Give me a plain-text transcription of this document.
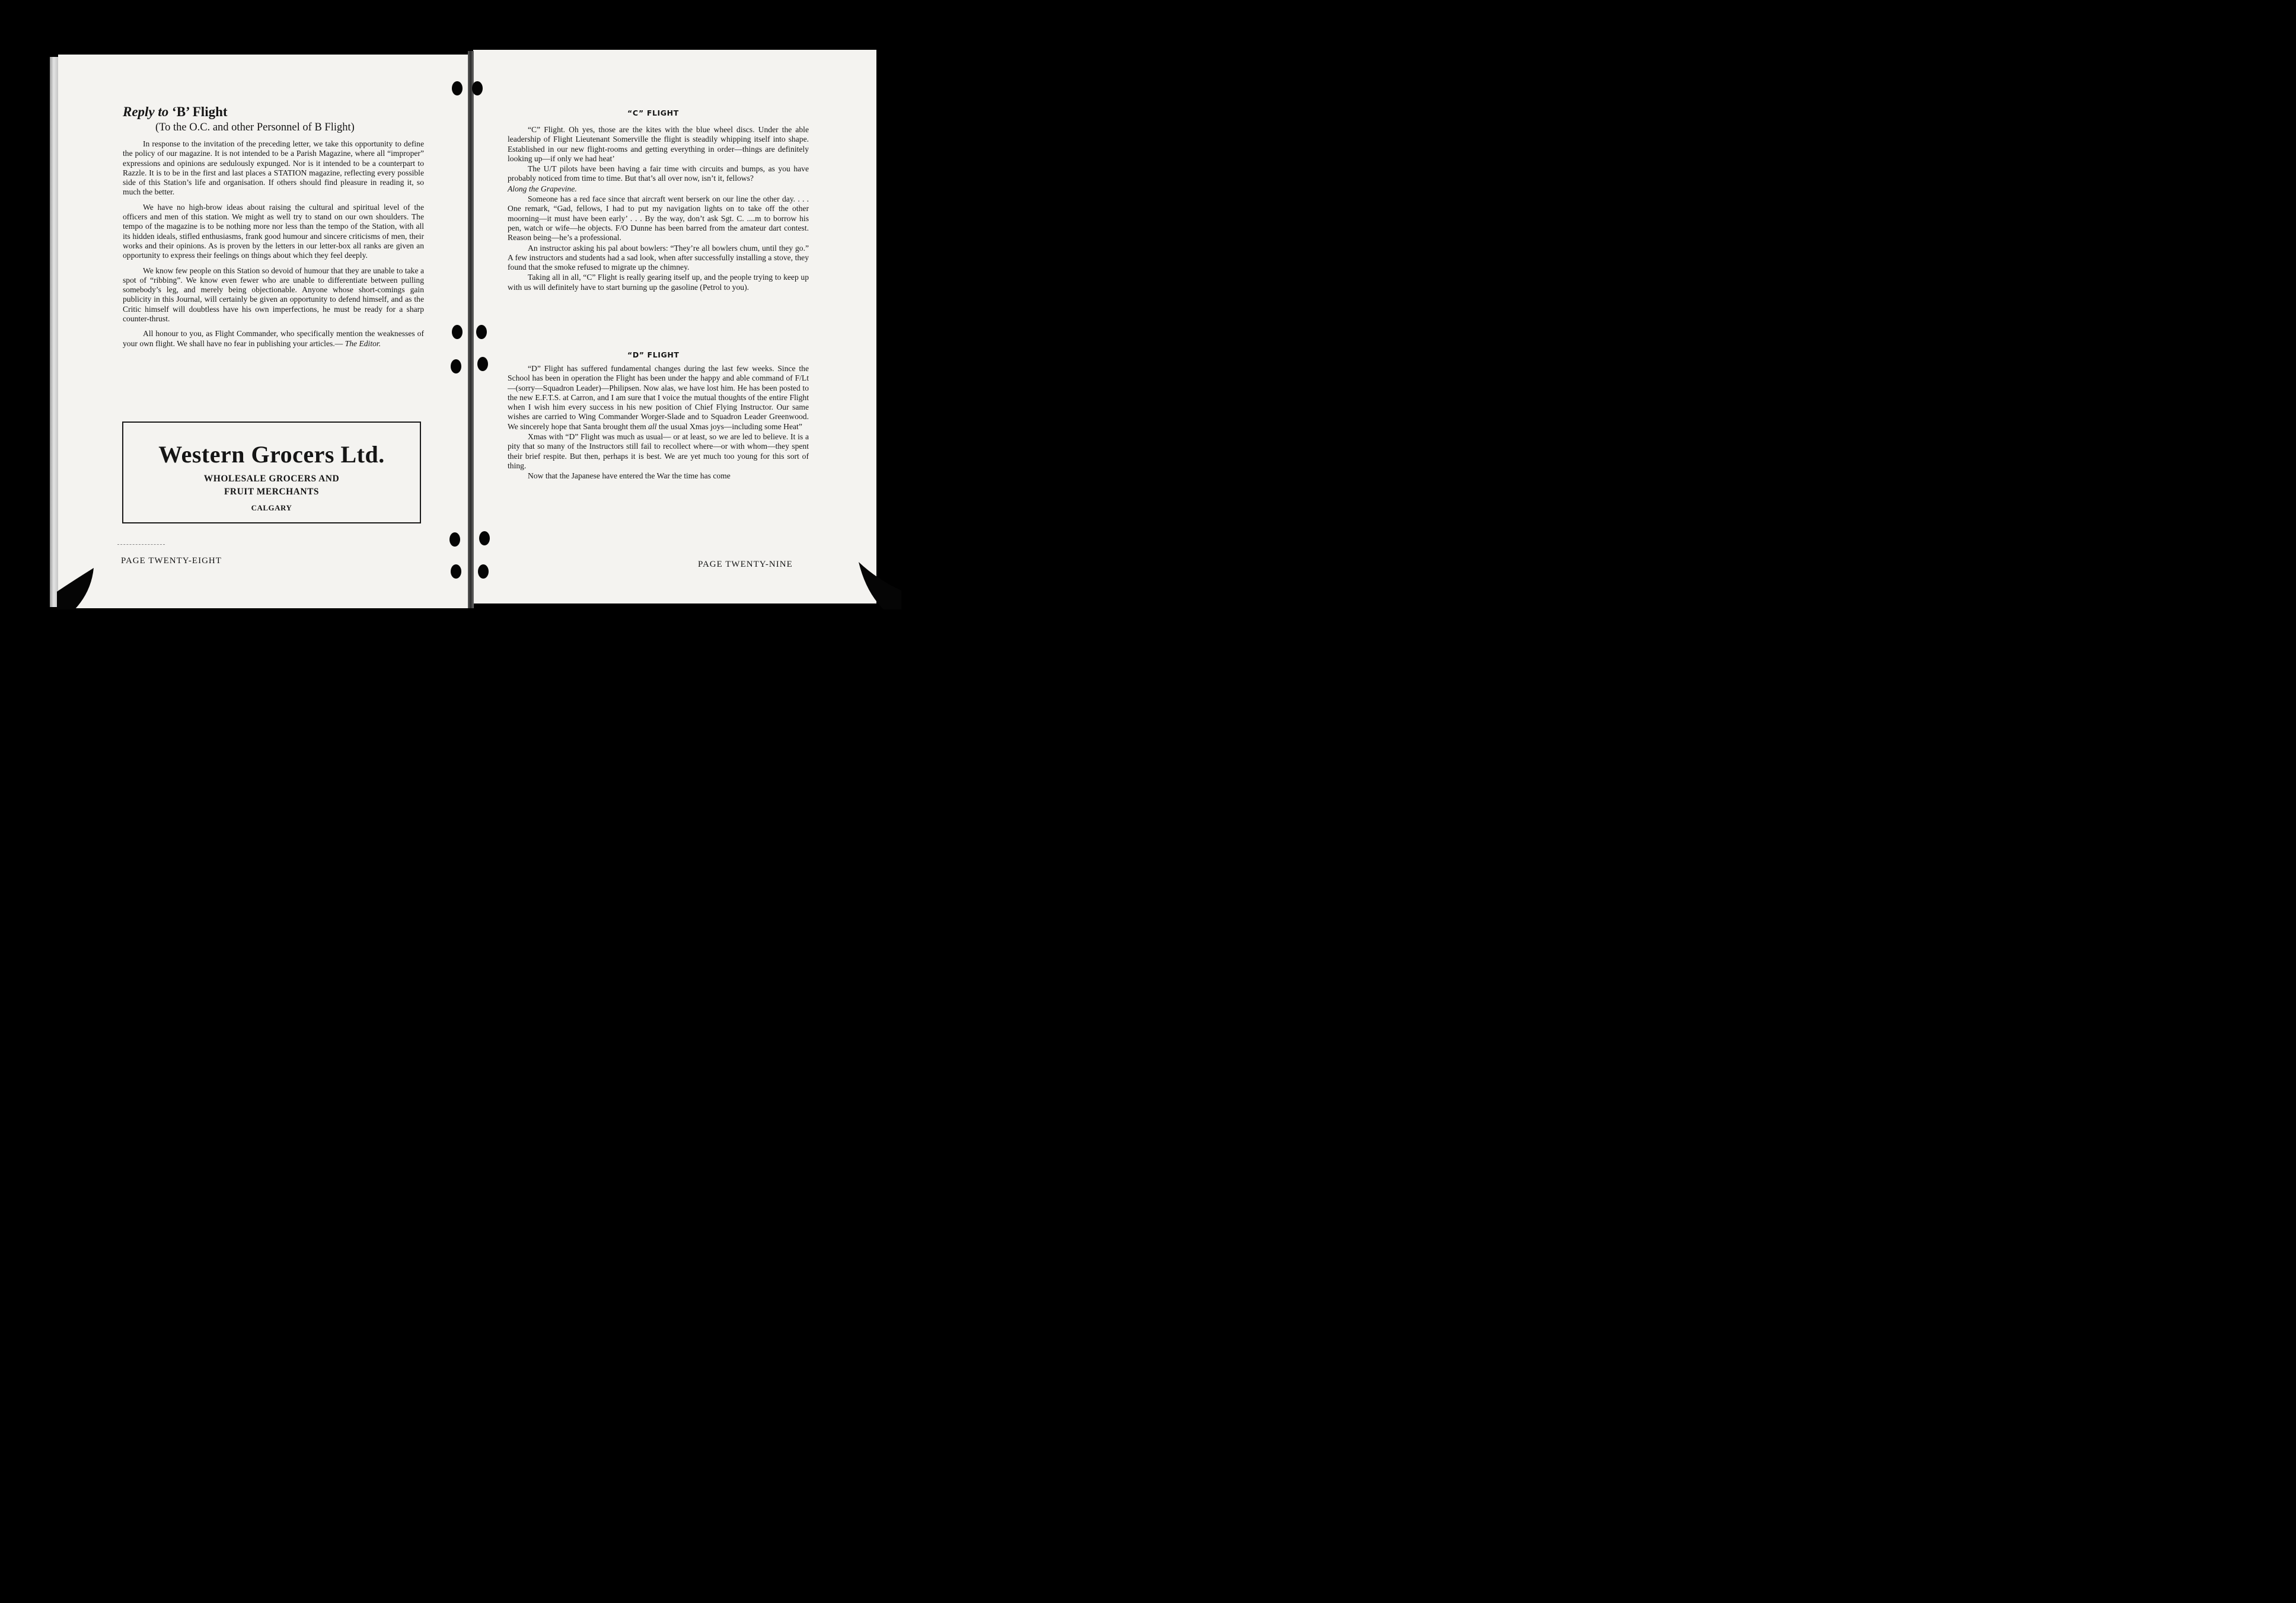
Reply to ‘B’ Flight
(To the O.C. and other Personnel of B Flight)

In response to the invitation of the preceding letter, we take this opportunity to define the policy of our magazine. It is not intended to be a Parish Magazine, where all “improper” expressions and opinions are sedulously expunged. Nor is it intended to be a counterpart to Razzle. It is to be in the first and last places a STATION magazine, reflecting every possible side of this Station’s life and organisation. If others should find pleasure in reading it, so much the better.

We have no high-brow ideas about raising the cultural and spiritual level of the officers and men of this station. We might as well try to stand on our own shoulders. The tempo of the magazine is to be nothing more nor less than the tempo of the Station, with all its hidden ideals, stifled enthusiasms, frank good humour and sincere criticisms of men, their works and their opinions. As is proven by the letters in our letter-box all ranks are given an opportunity to express their feelings on things about which they feel deeply.

We know few people on this Station so devoid of humour that they are unable to take a spot of “ribbing”. We know even fewer who are unable to differentiate between pulling somebody’s leg, and merely being objectionable. Anyone whose short-comings gain publicity in this Journal, will certainly be given an opportunity to defend himself, and as the Critic himself will doubtless have his own imperfections, he must be ready for a sharp counter-thrust.

All honour to you, as Flight Commander, who specifically mention the weaknesses of your own flight. We shall have no fear in publishing your articles.— The Editor.

Western Grocers Ltd.
WHOLESALE GROCERS AND
FRUIT MERCHANTS
CALGARY
PAGE TWENTY-EIGHT
“C” FLIGHT

“C” Flight. Oh yes, those are the kites with the blue wheel discs. Under the able leadership of Flight Lieutenant Somerville the flight is steadily whipping itself into shape. Established in our new flight-rooms and getting everything in order—things are definitely looking up—if only we had heat’

The U/T pilots have been having a fair time with circuits and bumps, as you have probably noticed from time to time. But that’s all over now, isn’t it, fellows?

Along the Grapevine.

Someone has a red face since that aircraft went berserk on our line the other day. . . . One remark, “Gad, fellows, I had to put my navigation lights on to take off the other moorning—it must have been early’ . . . By the way, don’t ask Sgt. C. ....m to borrow his pen, watch or wife—he objects. F/O Dunne has been barred from the amateur dart contest. Reason being—he’s a professional.

An instructor asking his pal about bowlers: “They’re all bowlers chum, until they go.” A few instructors and students had a sad look, when after successfully installing a stove, they found that the smoke refused to migrate up the chimney.

Taking all in all, “C” Flight is really gearing itself up, and the people trying to keep up with us will definitely have to start burning up the gasoline (Petrol to you).

“D” FLIGHT

“D” Flight has suffered fundamental changes during the last few weeks. Since the School has been in operation the Flight has been under the happy and able command of F/Lt—(sorry—Squadron Leader)—Philipsen. Now alas, we have lost him. He has been posted to the new E.F.T.S. at Carron, and I am sure that I voice the mutual thoughts of the entire Flight when I wish him every success in his new position of Chief Flying Instructor. Our same wishes are carried to Wing Commander Worger-Slade and to Squadron Leader Greenwood. We sincerely hope that Santa brought them all the usual Xmas joys—including some Heat”

Xmas with “D” Flight was much as usual— or at least, so we are led to believe. It is a pity that so many of the Instructors still fail to recollect where—or with whom—they spent their brief respite. But then, perhaps it is best. We are yet much too young for this sort of thing.

Now that the Japanese have entered the War the time has come

PAGE TWENTY-NINE
